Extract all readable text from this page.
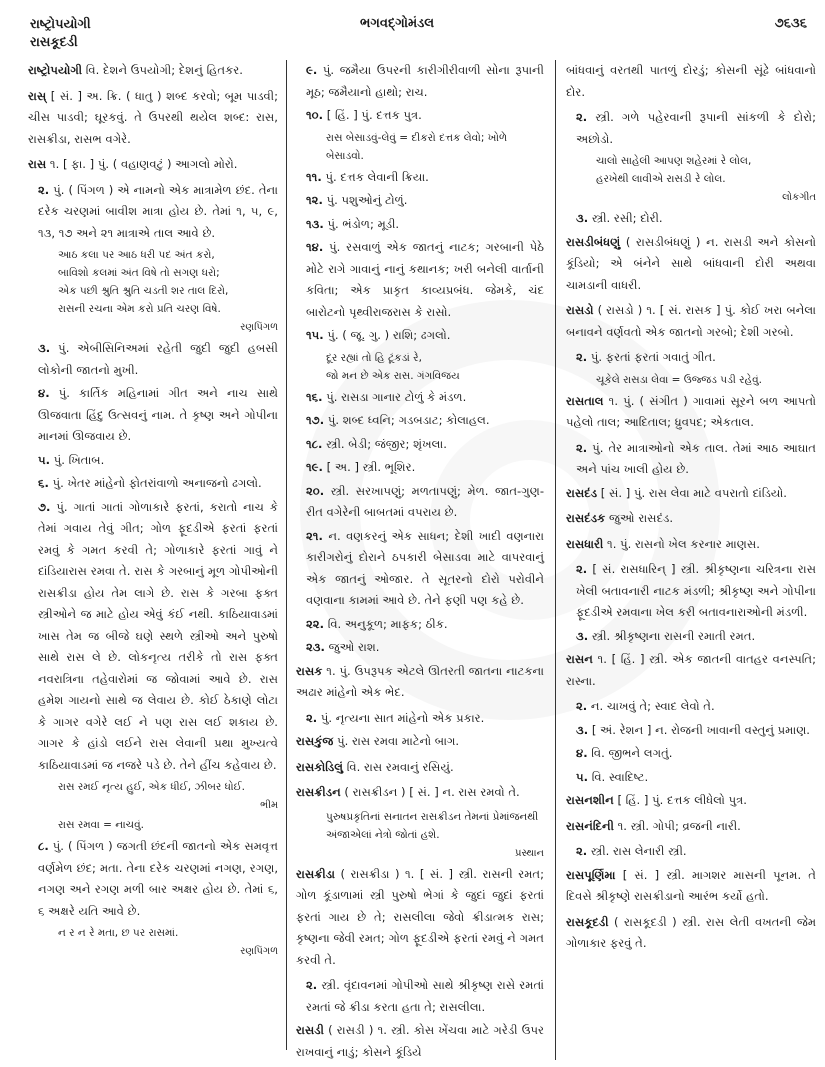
રાષ્ટ્રોપયોગી
રાસકૂદડી
ભગવદ્ગોમંડલ	૭૬૩૬
રાષ્ટ્રોપયોગી વિ. દેશને ઉપયોગી; દેશનું હિતકર.
રાસ્ [ સં. ] અ. ક્રિ. ( ધાતુ ) શબ્દ કરવો; બૂમ પાડવી; ચીસ પાડવી; ઘૂરકવું. તે ઉપરથી થયેલ શબ્દ: રાસ, રાસક્રીડા, રાસભ વગેરે.
રાસ ૧. [ ફા. ] પું. ( વહાણવટું ) આગલો મોરો.
૨. પું. ( પિંગળ ) એ નામનો એક માત્રામેળ છંદ. તેના દરેક ચરણમાં બાવીશ માત્રા હોય છે. તેમાં ૧, ૫, ૯, ૧૩, ૧૭ અને ૨૧ માત્રાએ તાલ આવે છે.
આઠ કલા પર આઠ ધરી પદ અંત કરો,
બાવિશો કલમાં અંત વિષે તો સગણ ધરો;
એક પછી શ્રુતિ શ્રુતિ ચડતી શર તાલ દિરો,
રાસની રચના એમ કરો પ્રતિ ચરણ વિષે.
રણપિંગળ
૩. પું. એબીસિનિઅમાં રહેતી જુદી જુદી હબસી લોકોની જાતનો મુખી.
૪. પું. કાર્તિક મહિનામાં ગીત અને નાચ સાથે ઊજવાતા હિંદુ ઉત્સવનું નામ. તે કૃષ્ણ અને ગોપીના માનમાં ઊજવાય છે.
૫. પું. ખિતાબ.
૬. પું. ખેતર માંહેનો ફોતરાંવાળો અનાજનો ઢગલો.
૭. પું. ગાતાં ગાતાં ગોળાકારે ફરતાં, કરાતો નાચ કે તેમાં ગવાય તેવું ગીત; ગોળ ફૂદડીએ ફરતાં ફરતાં રમવું કે ગમત કરવી તે; ગોળાકારે ફરતાં ગાવું ને દાંડિયારાસ રમવા તે. રાસ કે ગરબાનું મૂળ ગોપીઓની રાસક્રીડા હોય તેમ લાગે છે. રાસ કે ગરબા ફક્ત સ્ત્રીઓને જ માટે હોય એવું કંઈ નથી. કાઠિયાવાડમાં ખાસ તેમ જ બીજે ઘણે સ્થળે સ્ત્રીઓ અને પુરુષો સાથે રાસ લે છે. લોકનૃત્ય તરીકે તો રાસ ફક્ત નવરાત્રિના તહેવારોમાં જ જોવામાં આવે છે. રાસ હમેશ ગાયનો સાથે જ લેવાય છે. કોઈ ઠેકાણે લોટા કે ગાગર વગેરે લઈ ને પણ રાસ લઈ શકાય છે. ગાગર કે હાંડો લઈને રાસ લેવાની પ્રથા મુખ્યત્વે કાઠિયાવાડમાં જ નજરે પડે છે. તેને હીંચ કહેવાય છે.
રાસ રમઈ નૃત્ય હુઈ, એક ધીઈ, ઝીબર ધોઈ.
ભીમ
રાસ રમવા = નાચવું.
૮. પું. ( પિંગળ ) જગતી છંદની જાતનો એક સમવૃત્ત વર્ણમેળ છંદ; મતા. તેના દરેક ચરણમાં નગણ, રગણ, નગણ અને રગણ મળી બાર અક્ષર હોય છે. તેમાં ૬, ૬ અક્ષરે યતિ આવે છે.
ન ર ન રે મતા, છ પર રાસમાં.
રણપિંગળ
૯. પું. જમૈયા ઉપરની કારીગીરીવાળી સોના રૂપાની મૂઠ; જમૈયાનો હાથો; રાચ.
૧૦. [ હિં. ] પું. દત્તક પુત્ર.
રાસ બેસાડવું-લેવું = દીકરો દત્તક લેવો; ખોળે બેસાડવો.
૧૧. પું. દત્તક લેવાની ક્રિયા.
૧૨. પું. પશુઓનું ટોળું.
૧૩. પું. ભંડોળ; મૂડી.
૧૪. પું. રસવાળું એક જાતનું નાટક; ગરબાની પેઠે મોટે રાગે ગાવાનું નાનું કથાનક; ખરી બનેલી વાર્તાની કવિતા; એક પ્રાકૃત કાવ્યપ્રબંધ. જેમકે, ચંદ બારોટનો પૃથ્વીરાજરાસ કે રાસો.
૧૫. પું. ( જૂ. ગુ. ) રાશિ; ઢગલો.
દૂર રહ્યાં તો હિ ટૂંકડાં રે,
જો મન છે એક રાસ. ગંગવિજય
૧૬. પું. રાસડા ગાનાર ટોળું કે મંડળ.
૧૭. પું. શબ્દ ધ્વનિ; ગડબડાટ; કોલાહલ.
૧૮. સ્ત્રી. બેડી; જંજીર; શૃંખલા.
૧૯. [ અ. ] સ્ત્રી. ભૂશિર.
૨૦. સ્ત્રી. સરખાપણું; મળતાપણું; મેળ. જાત-ગુણ-રીત વગેરેની બાબતમાં વપરાય છે.
૨૧. ન. વણકરનું એક સાધન; દેશી ખાદી વણનારા કારીગરોનું દોરાને ઠપકારી બેસાડવા માટે વાપરવાનું એક જાતનું ઓજાર. તે સૂતરનો દોરો પરોવીને વણવાના કામમાં આવે છે. તેને ફણી પણ કહે છે.
૨૨. વિ. અનુકૂળ; માફક; ઠીક.
૨૩. જુઓ રાશ.
રાસક ૧. પું. ઉપરૂપક એટલે ઊતરતી જાતના નાટકના અઢાર માંહેનો એક ભેદ.
૨. પું. નૃત્યના સાત માંહેનો એક પ્રકાર.
રાસકુંજ પું. રાસ રમવા માટેનો બાગ.
રાસકોડિલું વિ. રાસ રમવાનું રસિયું.
રાસક્રીડન ( રાસક્રીડન ) [ સં. ] ન. રાસ રમવો તે.
પુરુષપ્રકૃતિનાં સનાતન રાસક્રીડન તેમનાં પ્રેમાંજનથી અંજાએલાં નેત્રો જોતાં હશે.
પ્રસ્થાન
રાસક્રીડા ( રાસક્રીડા ) ૧. [ સં. ] સ્ત્રી. રાસની રમત; ગોળ કૂંડાળામાં સ્ત્રી પુરુષો ભેગાં કે જુદાં જુદાં ફરતાં ફરતાં ગાય છે તે; રાસલીલા જેવો ક્રીડાત્મક રાસ; કૃષ્ણના જેવી રમત; ગોળ ફૂદડીએ ફરતાં રમવું ને ગમત કરવી તે.
૨. સ્ત્રી. વૃંદાવનમાં ગોપીઓ સાથે શ્રીકૃષ્ણ રાસે રમતાં રમતાં જે ક્રીડા કરતા હતા તે; રાસલીલા.
રાસડી ( રાસડી ) ૧. સ્ત્રી. કોસ ખેંચવા માટે ગરેડી ઉપર રાખવાનું નાડું; કોસને કૂંડિયે
બાંધવાનું વરતથી પાતળું દોરડું; કોસની સૂંઢે બાંધવાનો દોર.
૨. સ્ત્રી. ગળે પહેરવાની રૂપાની સાંકળી કે દોરો; અછોડો.
ચાલો સાહેલી આપણ શહેરમાં રે લોલ,
હરખેથી લાવીએ રાસડી રે લોલ.
લોકગીત
૩. સ્ત્રી. રસી; દોરી.
રાસડીબંધણું ( રાસડીબંધણું ) ન. રાસડી અને કોસનો કૂંડિયો; એ બંનેને સાથે બાંધવાની દોરી અથવા ચામડાની વાધરી.
રાસડો ( રાસડો ) ૧. [ સં. રાસક ] પું. કોઈ ખરા બનેલા બનાવને વર્ણવતો એક જાતનો ગરબો; દેશી ગરબો.
૨. પું. ફરતાં ફરતાં ગવાતું ગીત.
ચૂકેલે રાસડા લેવા = ઉજ્જડ પડી રહેવું.
રાસતાલ ૧. પું. ( સંગીત ) ગાવામાં સૂરને બળ આપતો પહેલો તાલ; આદિતાલ; ધ્રુવપદ; એકતાલ.
૨. પું. તેર માત્રાઓનો એક તાલ. તેમાં આઠ આઘાત અને પાંચ ખાલી હોય છે.
રાસદંડ [ સં. ] પું. રાસ લેવા માટે વપરાતો દાંડિયો.
રાસદંડક જુઓ રાસદંડ.
રાસધારી ૧. પું. રાસનો ખેલ કરનાર માણસ.
૨. [ સં. રાસધારિન્ ] સ્ત્રી. શ્રીકૃષ્ણના ચરિત્રના રાસ ખેલી બતાવનારી નાટક મંડળી; શ્રીકૃષ્ણ અને ગોપીના ફૂદડીએ રમવાના ખેલ કરી બતાવનારાઓની મંડળી.
૩. સ્ત્રી. શ્રીકૃષ્ણના રાસની રમાતી રમત.
રાસન ૧. [ હિં. ] સ્ત્રી. એક જાતની વાતહર વનસ્પતિ; રાસ્ના.
૨. ન. ચાખવું તે; સ્વાદ લેવો તે.
૩. [ અં. રેશન ] ન. રોજની ખાવાની વસ્તુનું પ્રમાણ.
૪. વિ. જીભને લગતું.
૫. વિ. સ્વાદિષ્ટ.
રાસનશીન [ હિં. ] પું. દત્તક લીધેલો પુત્ર.
રાસનંદિની ૧. સ્ત્રી. ગોપી; વ્રજની નારી.
૨. સ્ત્રી. રાસ લેનારી સ્ત્રી.
રાસપૂર્ણિમા [ સં. ] સ્ત્રી. માગશર માસની પૂનમ. તે દિવસે શ્રીકૃષ્ણે રાસક્રીડાનો આરંભ કર્યો હતો.
રાસકૂદડી ( રાસકૂદડી ) સ્ત્રી. રાસ લેતી વખતની જેમ ગોળાકાર ફરવું તે.
